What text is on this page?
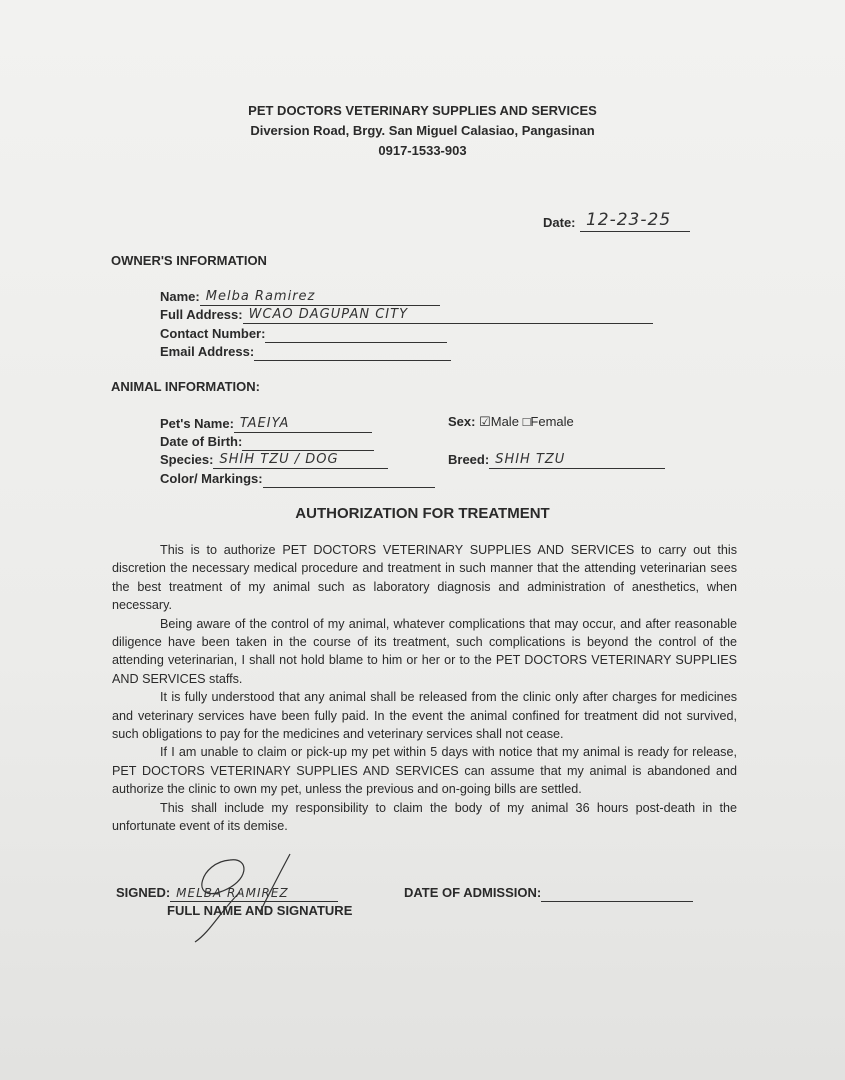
PET DOCTORS VETERINARY SUPPLIES AND SERVICES
Diversion Road, Brgy. San Miguel Calasiao, Pangasinan
0917-1533-903
Date: 12-23-25
OWNER'S INFORMATION
Name: Melba Ramirez
Full Address: WCAO DAGUPAN CITY
Contact Number:
Email Address:
ANIMAL INFORMATION:
Pet's Name: TAEIYA
Date of Birth:
Species: SHIH TZU / DOG
Color/ Markings:
Sex: ☑Male □Female
Breed: SHIH TZU
AUTHORIZATION FOR TREATMENT

This is to authorize PET DOCTORS VETERINARY SUPPLIES AND SERVICES to carry out this discretion the necessary medical procedure and treatment in such manner that the attending veterinarian sees the best treatment of my animal such as laboratory diagnosis and administration of anesthetics, when necessary.

Being aware of the control of my animal, whatever complications that may occur, and after reasonable diligence have been taken in the course of its treatment, such complications is beyond the control of the attending veterinarian, I shall not hold blame to him or her or to the PET DOCTORS VETERINARY SUPPLIES AND SERVICES staffs.

It is fully understood that any animal shall be released from the clinic only after charges for medicines and veterinary services have been fully paid. In the event the animal confined for treatment did not survived, such obligations to pay for the medicines and veterinary services shall not cease.

If I am unable to claim or pick-up my pet within 5 days with notice that my animal is ready for release, PET DOCTORS VETERINARY SUPPLIES AND SERVICES can assume that my animal is abandoned and authorize the clinic to own my pet, unless the previous and on-going bills are settled.

This shall include my responsibility to claim the body of my animal 36 hours post-death in the unfortunate event of its demise.

SIGNED: MELBA RAMIREZ
FULL NAME AND SIGNATURE
DATE OF ADMISSION:
